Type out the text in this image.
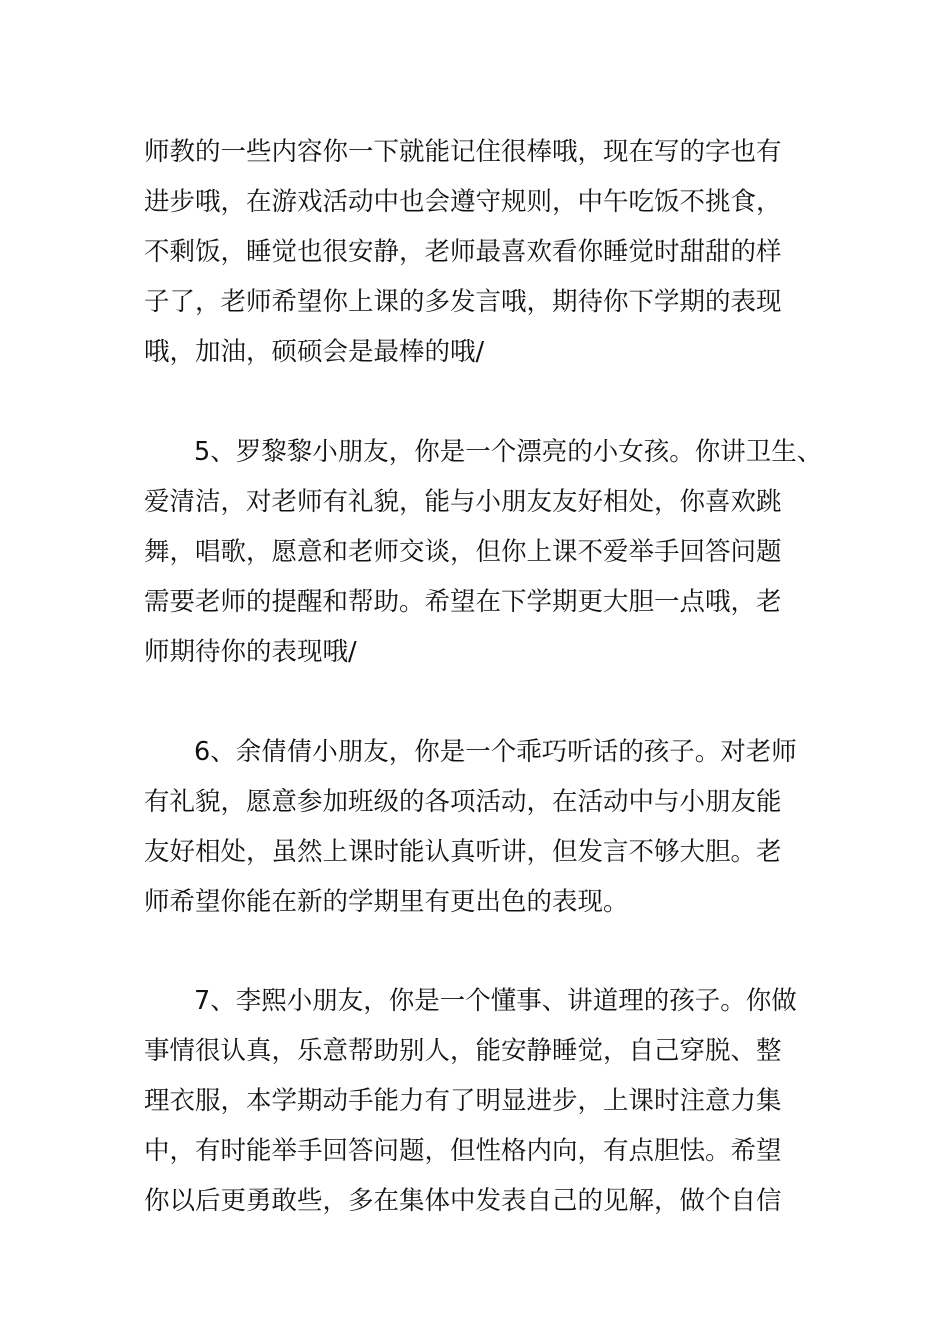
师教的一些内容你一下就能记住很棒哦，现在写的字也有
进步哦，在游戏活动中也会遵守规则，中午吃饭不挑食，
不剩饭，睡觉也很安静，老师最喜欢看你睡觉时甜甜的样
子了，老师希望你上课的多发言哦，期待你下学期的表现
哦，加油，硕硕会是最棒的哦/
5、罗黎黎小朋友，你是一个漂亮的小女孩。你讲卫生、
爱清洁，对老师有礼貌，能与小朋友友好相处，你喜欢跳
舞，唱歌，愿意和老师交谈，但你上课不爱举手回答问题
需要老师的提醒和帮助。希望在下学期更大胆一点哦，老
师期待你的表现哦/
6、余倩倩小朋友，你是一个乖巧听话的孩子。对老师
有礼貌，愿意参加班级的各项活动，在活动中与小朋友能
友好相处，虽然上课时能认真听讲，但发言不够大胆。老
师希望你能在新的学期里有更出色的表现。
7、李熙小朋友，你是一个懂事、讲道理的孩子。你做
事情很认真，乐意帮助别人，能安静睡觉，自己穿脱、整
理衣服，本学期动手能力有了明显进步，上课时注意力集
中，有时能举手回答问题，但性格内向，有点胆怯。希望
你以后更勇敢些，多在集体中发表自己的见解，做个自信
